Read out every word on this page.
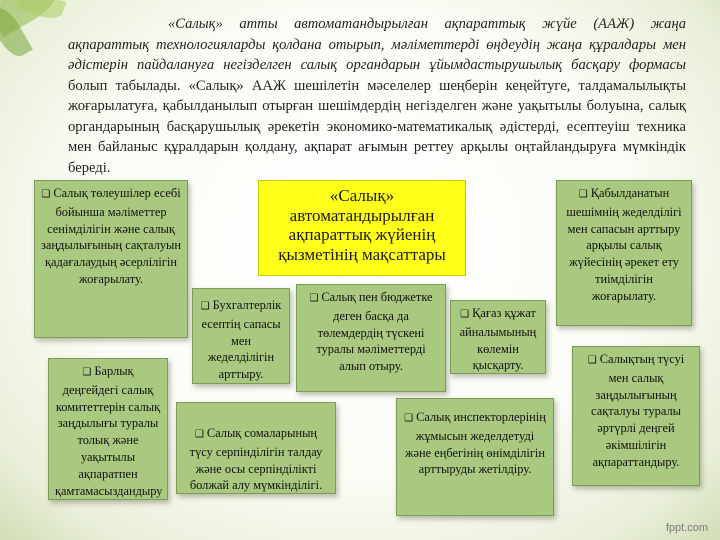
«Салық» атты автоматандырылған ақпараттық жүйе (ААЖ) жаңа ақпараттық технологияларды қолдана отырып, мәліметтерді өңдеудің жаңа құралдары мен әдістерін пайдалануға негізделген салық органдарын ұйымдастырушылық басқару формасы болып табылады. «Салық» ААЖ шешілетін мәселелер шеңберін кеңейтуге, талдамалылықты жоғарылатуға, қабылданылып отырған шешімдердің негізделген және уақытылы болуына, салық органдарының басқарушылық әрекетін экономико-математикалық әдістерді, есептеуіш техника мен байланыс құралдарын қолдану, ақпарат ағымын реттеу арқылы оңтайландыруға мүмкіндік береді.
«Салық» автоматандырылған ақпараттық жүйенің қызметінің мақсаттары
❑ Салық төлеушілер есебі бойынша мәліметтер сенімділігін және салық заңдылығының сақталуын қадағалаудың әсерлілігін жоғарылату.
❑ Барлық деңгейдегі салық комитеттерін салық заңдылығы туралы толық және уақытылы ақпаратпен қамтамасыздандыру
❑ Бухгалтерлік есептің сапасы мен жеделділігін арттыру.
❑ Салық пен бюджетке деген басқа да төлемдердің түскені туралы мәліметтерді алып отыру.
❑ Қағаз құжат айналымының көлемін қысқарту.
❑ Қабылданатын шешімнің жеделділігі мен сапасын арттыру арқылы салық жүйесінің әрекет ету тиімділігін жоғарылату.
❑ Салық сомаларының түсу серпінділігін талдау және осы серпінділікті болжай алу мүмкінділігі.
❑ Салық инспекторлерінің жұмысын жеделдетуді және еңбегінің өнімділігін арттыруды жетілдіру.
❑ Салықтың түсуі мен салық заңдылығының сақталуы туралы әртүрлі деңгей әкімшілігін ақпараттандыру.
fppt.com
